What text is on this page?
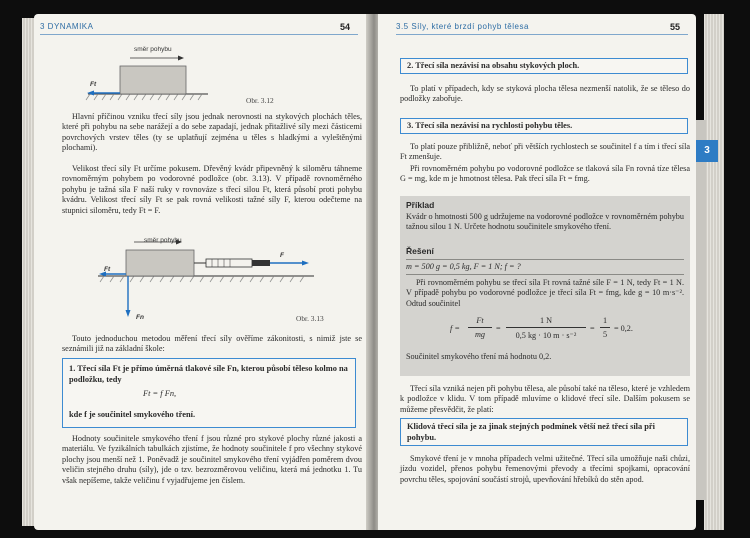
3 DYNAMIKA	54
směr pohybu
Ft
Obr. 3.12

Hlavní příčinou vzniku třecí síly jsou jednak nerovnosti na stykových plochách těles, které při pohybu na sebe narážejí a do sebe zapadají, jednak přitažlivé síly mezi částicemi povrchových vrstev těles (ty se uplatňují zejména u těles s hladkými a vyleštěnými plochami).

Velikost třecí síly Ft určíme pokusem. Dřevěný kvádr připevněný k siloměru táhneme rovnoměrným pohybem po vodorovné podložce (obr. 3.13). V případě rovnoměrného pohybu je tažná síla F naší ruky v rovnováze s třecí silou Ft, která působí proti pohybu kvádru. Velikost třecí síly Ft se pak rovná velikosti tažné síly F, kterou odečteme na stupnici siloměru, tedy Ft = F.

směr pohybu
F
Ft
Fn	Obr. 3.13

Touto jednoduchou metodou měření třecí síly ověříme zákonitosti, s nimiž jste se seznámili již na základní škole:

1. Třecí síla Ft je přímo úměrná tlakové síle Fn, kterou působí těleso kolmo na podložku, tedy
Ft = f Fn,
kde f je součinitel smykového tření.

Hodnoty součinitele smykového tření f jsou různé pro stykové plochy různé jakosti a materiálu. Ve fyzikálních tabulkách zjistíme, že hodnoty součinitele f pro všechny stykové plochy jsou menší než 1. Poněvadž je součinitel smykového tření vyjádřen poměrem dvou veličin stejného druhu (síly), jde o tzv. bezrozměrovou veličinu, která má jednotku 1. Tu však nepíšeme, takže veličinu f vyjadřujeme jen číslem.

3.5 Síly, které brzdí pohyb tělesa	55
2. Třecí síla nezávisí na obsahu stykových ploch.

To platí v případech, kdy se styková plocha tělesa nezmenší natolik, že se těleso do podložky zabořuje.

3. Třecí síla nezávisí na rychlosti pohybu těles.

To platí pouze přibližně, neboť při větších rychlostech se součinitel f a tím i třecí síla Ft zmenšuje.

Při rovnoměrném pohybu po vodorovné podložce se tlaková síla Fn rovná tíze tělesa G = mg, kde m je hmotnost tělesa. Pak třecí síla Ft = fmg.

Příklad
Kvádr o hmotnosti 500 g udržujeme na vodorovné podložce v rovnoměrném pohybu tažnou silou 1 N. Určete hodnotu součinitele smykového tření.
Řešení
m = 500 g = 0,5 kg, F = 1 N; f = ?
Při rovnoměrném pohybu se třecí síla Ft rovná tažné síle F = 1 N, tedy Ft = 1 N. V případě pohybu po vodorovné podložce je třecí síla Ft = fmg, kde g = 10 m·s⁻². Odtud součinitel
f =
Ft
mg
=
1 N
0,5 kg · 10 m · s⁻²
=
1
5
= 0,2.
Součinitel smykového tření má hodnotu 0,2.

Třecí síla vzniká nejen při pohybu tělesa, ale působí také na těleso, které je vzhledem k podložce v klidu. V tom případě mluvíme o klidové třecí síle. Dalším pokusem se můžeme přesvědčit, že platí:

Klidová třecí síla je za jinak stejných podmínek větší než třecí síla při pohybu.

Smykové tření je v mnoha případech velmi užitečné. Třecí síla umožňuje naši chůzi, jízdu vozidel, přenos pohybu řemenovými převody a třecími spojkami, opracování povrchu těles, spojování součástí strojů, upevňování hřebíků do stěn apod.

3
